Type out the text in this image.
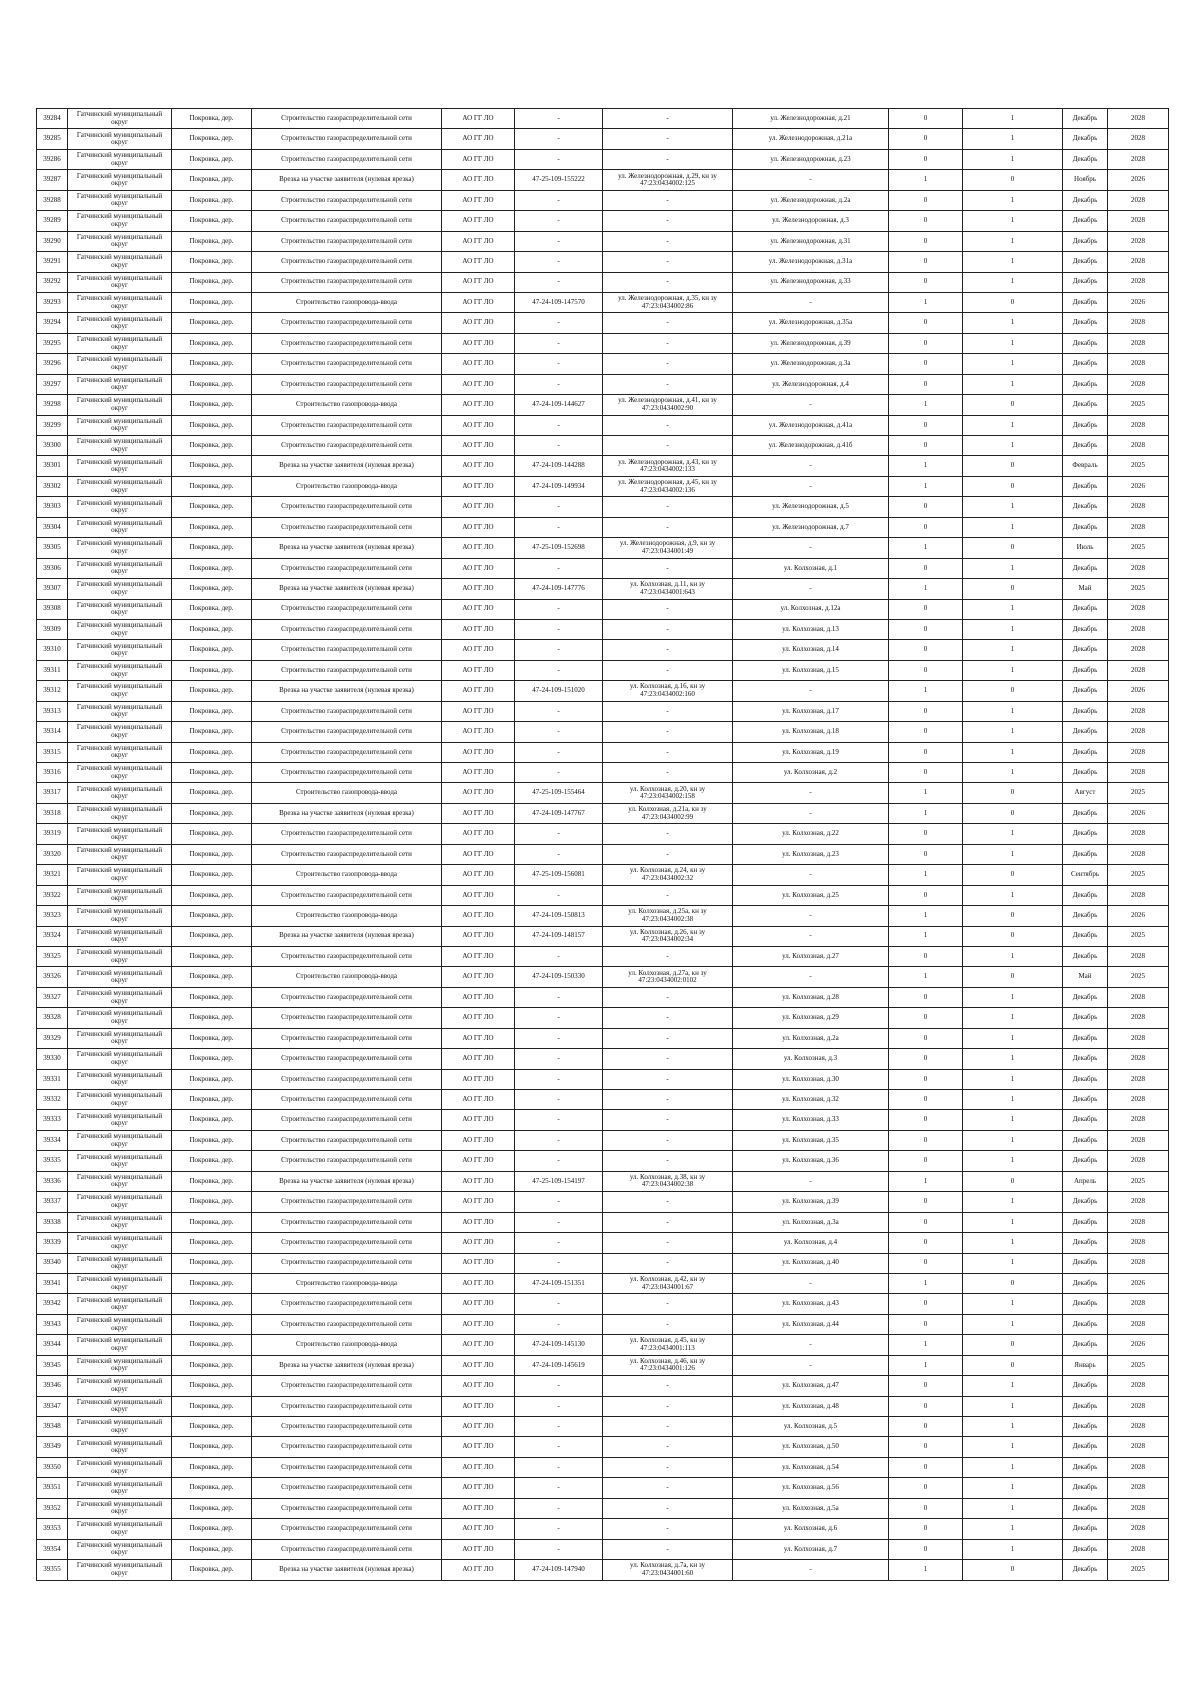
39284	Гатчинский муниципальный округ	Покровка, дер.	Строительство газораспределительной сети	АО ГГ ЛО	-	-	ул. Железнодорожная, д.21	0	1	Декабрь	2028
39285	Гатчинский муниципальный округ	Покровка, дер.	Строительство газораспределительной сети	АО ГГ ЛО	-	-	ул. Железнодорожная, д.21а	0	1	Декабрь	2028
39286	Гатчинский муниципальный округ	Покровка, дер.	Строительство газораспределительной сети	АО ГГ ЛО	-	-	ул. Железнодорожная, д.23	0	1	Декабрь	2028
39287	Гатчинский муниципальный округ	Покровка, дер.	Врезка на участке заявителя (нулевая врезка)	АО ГГ ЛО	47-25-109-155222	ул. Железнодорожная, д.29, кн зу 47:23:0434002:125	-	1	0	Ноябрь	2026
39288	Гатчинский муниципальный округ	Покровка, дер.	Строительство газораспределительной сети	АО ГГ ЛО	-	-	ул. Железнодорожная, д.2а	0	1	Декабрь	2028
39289	Гатчинский муниципальный округ	Покровка, дер.	Строительство газораспределительной сети	АО ГГ ЛО	-	-	ул. Железнодорожная, д.3	0	1	Декабрь	2028
39290	Гатчинский муниципальный округ	Покровка, дер.	Строительство газораспределительной сети	АО ГГ ЛО	-	-	ул. Железнодорожная, д.31	0	1	Декабрь	2028
39291	Гатчинский муниципальный округ	Покровка, дер.	Строительство газораспределительной сети	АО ГГ ЛО	-	-	ул. Железнодорожная, д.31а	0	1	Декабрь	2028
39292	Гатчинский муниципальный округ	Покровка, дер.	Строительство газораспределительной сети	АО ГГ ЛО	-	-	ул. Железнодорожная, д.33	0	1	Декабрь	2028
39293	Гатчинский муниципальный округ	Покровка, дер.	Строительство газопровода-ввода	АО ГГ ЛО	47-24-109-147570	ул. Железнодорожная, д.35, кн зу 47:23:0434002:86	-	1	0	Декабрь	2026
39294	Гатчинский муниципальный округ	Покровка, дер.	Строительство газораспределительной сети	АО ГГ ЛО	-	-	ул. Железнодорожная, д.35а	0	1	Декабрь	2028
39295	Гатчинский муниципальный округ	Покровка, дер.	Строительство газораспределительной сети	АО ГГ ЛО	-	-	ул. Железнодорожная, д.39	0	1	Декабрь	2028
39296	Гатчинский муниципальный округ	Покровка, дер.	Строительство газораспределительной сети	АО ГГ ЛО	-	-	ул. Железнодорожная, д.3а	0	1	Декабрь	2028
39297	Гатчинский муниципальный округ	Покровка, дер.	Строительство газораспределительной сети	АО ГГ ЛО	-	-	ул. Железнодорожная, д.4	0	1	Декабрь	2028
39298	Гатчинский муниципальный округ	Покровка, дер.	Строительство газопровода-ввода	АО ГГ ЛО	47-24-109-144627	ул. Железнодорожная, д.41, кн зу 47:23:0434002:90	-	1	0	Декабрь	2025
39299	Гатчинский муниципальный округ	Покровка, дер.	Строительство газораспределительной сети	АО ГГ ЛО	-	-	ул. Железнодорожная, д.41а	0	1	Декабрь	2028
39300	Гатчинский муниципальный округ	Покровка, дер.	Строительство газораспределительной сети	АО ГГ ЛО	-	-	ул. Железнодорожная, д.41б	0	1	Декабрь	2028
39301	Гатчинский муниципальный округ	Покровка, дер.	Врезка на участке заявителя (нулевая врезка)	АО ГГ ЛО	47-24-109-144288	ул. Железнодорожная, д.43, кн зу 47:23:0434002:133	-	1	0	Февраль	2025
39302	Гатчинский муниципальный округ	Покровка, дер.	Строительство газопровода-ввода	АО ГГ ЛО	47-24-109-149934	ул. Железнодорожная, д.45, кн зу 47:23:0434002:136	-	1	0	Декабрь	2026
39303	Гатчинский муниципальный округ	Покровка, дер.	Строительство газораспределительной сети	АО ГГ ЛО	-	-	ул. Железнодорожная, д.5	0	1	Декабрь	2028
39304	Гатчинский муниципальный округ	Покровка, дер.	Строительство газораспределительной сети	АО ГГ ЛО	-	-	ул. Железнодорожная, д.7	0	1	Декабрь	2028
39305	Гатчинский муниципальный округ	Покровка, дер.	Врезка на участке заявителя (нулевая врезка)	АО ГГ ЛО	47-25-109-152698	ул. Железнодорожная, д.9, кн зу 47:23:0434001:49	-	1	0	Июль	2025
39306	Гатчинский муниципальный округ	Покровка, дер.	Строительство газораспределительной сети	АО ГГ ЛО	-	-	ул. Колхозная, д.1	0	1	Декабрь	2028
39307	Гатчинский муниципальный округ	Покровка, дер.	Врезка на участке заявителя (нулевая врезка)	АО ГГ ЛО	47-24-109-147776	ул. Колхозная, д.11, кн зу 47:23:0434001:643	-	1	0	Май	2025
39308	Гатчинский муниципальный округ	Покровка, дер.	Строительство газораспределительной сети	АО ГГ ЛО	-	-	ул. Колхозная, д.12а	0	1	Декабрь	2028
39309	Гатчинский муниципальный округ	Покровка, дер.	Строительство газораспределительной сети	АО ГГ ЛО	-	-	ул. Колхозная, д.13	0	1	Декабрь	2028
39310	Гатчинский муниципальный округ	Покровка, дер.	Строительство газораспределительной сети	АО ГГ ЛО	-	-	ул. Колхозная, д.14	0	1	Декабрь	2028
39311	Гатчинский муниципальный округ	Покровка, дер.	Строительство газораспределительной сети	АО ГГ ЛО	-	-	ул. Колхозная, д.15	0	1	Декабрь	2028
39312	Гатчинский муниципальный округ	Покровка, дер.	Врезка на участке заявителя (нулевая врезка)	АО ГГ ЛО	47-24-109-151020	ул. Колхозная, д.16, кн зу 47:23:0434002:160	-	1	0	Декабрь	2026
39313	Гатчинский муниципальный округ	Покровка, дер.	Строительство газораспределительной сети	АО ГГ ЛО	-	-	ул. Колхозная, д.17	0	1	Декабрь	2028
39314	Гатчинский муниципальный округ	Покровка, дер.	Строительство газораспределительной сети	АО ГГ ЛО	-	-	ул. Колхозная, д.18	0	1	Декабрь	2028
39315	Гатчинский муниципальный округ	Покровка, дер.	Строительство газораспределительной сети	АО ГГ ЛО	-	-	ул. Колхозная, д.19	0	1	Декабрь	2028
39316	Гатчинский муниципальный округ	Покровка, дер.	Строительство газораспределительной сети	АО ГГ ЛО	-	-	ул. Колхозная, д.2	0	1	Декабрь	2028
39317	Гатчинский муниципальный округ	Покровка, дер.	Строительство газопровода-ввода	АО ГГ ЛО	47-25-109-155464	ул. Колхозная, д.20, кн зу 47:23:0434002:158	-	1	0	Август	2025
39318	Гатчинский муниципальный округ	Покровка, дер.	Врезка на участке заявителя (нулевая врезка)	АО ГГ ЛО	47-24-109-147767	ул. Колхозная, д.21а, кн зу 47:23:0434002:99	-	1	0	Декабрь	2026
39319	Гатчинский муниципальный округ	Покровка, дер.	Строительство газораспределительной сети	АО ГГ ЛО	-	-	ул. Колхозная, д.22	0	1	Декабрь	2028
39320	Гатчинский муниципальный округ	Покровка, дер.	Строительство газораспределительной сети	АО ГГ ЛО	-	-	ул. Колхозная, д.23	0	1	Декабрь	2028
39321	Гатчинский муниципальный округ	Покровка, дер.	Строительство газопровода-ввода	АО ГГ ЛО	47-25-109-156081	ул. Колхозная, д.24, кн зу 47:23:0434002:32	-	1	0	Сентябрь	2025
39322	Гатчинский муниципальный округ	Покровка, дер.	Строительство газораспределительной сети	АО ГГ ЛО	-	-	ул. Колхозная, д.25	0	1	Декабрь	2028
39323	Гатчинский муниципальный округ	Покровка, дер.	Строительство газопровода-ввода	АО ГГ ЛО	47-24-109-150813	ул. Колхозная, д.25а, кн зу 47:23:0434002:38	-	1	0	Декабрь	2026
39324	Гатчинский муниципальный округ	Покровка, дер.	Врезка на участке заявителя (нулевая врезка)	АО ГГ ЛО	47-24-109-148157	ул. Колхозная, д.26, кн зу 47:23:0434002:34	-	1	0	Декабрь	2025
39325	Гатчинский муниципальный округ	Покровка, дер.	Строительство газораспределительной сети	АО ГГ ЛО	-	-	ул. Колхозная, д.27	0	1	Декабрь	2028
39326	Гатчинский муниципальный округ	Покровка, дер.	Строительство газопровода-ввода	АО ГГ ЛО	47-24-109-150330	ул. Колхозная, д.27а, кн зу 47:23:0434002:0102	-	1	0	Май	2025
39327	Гатчинский муниципальный округ	Покровка, дер.	Строительство газораспределительной сети	АО ГГ ЛО	-	-	ул. Колхозная, д.28	0	1	Декабрь	2028
39328	Гатчинский муниципальный округ	Покровка, дер.	Строительство газораспределительной сети	АО ГГ ЛО	-	-	ул. Колхозная, д.29	0	1	Декабрь	2028
39329	Гатчинский муниципальный округ	Покровка, дер.	Строительство газораспределительной сети	АО ГГ ЛО	-	-	ул. Колхозная, д.2а	0	1	Декабрь	2028
39330	Гатчинский муниципальный округ	Покровка, дер.	Строительство газораспределительной сети	АО ГГ ЛО	-	-	ул. Колхозная, д.3	0	1	Декабрь	2028
39331	Гатчинский муниципальный округ	Покровка, дер.	Строительство газораспределительной сети	АО ГГ ЛО	-	-	ул. Колхозная, д.30	0	1	Декабрь	2028
39332	Гатчинский муниципальный округ	Покровка, дер.	Строительство газораспределительной сети	АО ГГ ЛО	-	-	ул. Колхозная, д.32	0	1	Декабрь	2028
39333	Гатчинский муниципальный округ	Покровка, дер.	Строительство газораспределительной сети	АО ГГ ЛО	-	-	ул. Колхозная, д.33	0	1	Декабрь	2028
39334	Гатчинский муниципальный округ	Покровка, дер.	Строительство газораспределительной сети	АО ГГ ЛО	-	-	ул. Колхозная, д.35	0	1	Декабрь	2028
39335	Гатчинский муниципальный округ	Покровка, дер.	Строительство газораспределительной сети	АО ГГ ЛО	-	-	ул. Колхозная, д.36	0	1	Декабрь	2028
39336	Гатчинский муниципальный округ	Покровка, дер.	Врезка на участке заявителя (нулевая врезка)	АО ГГ ЛО	47-25-109-154197	ул. Колхозная, д.38, кн зу 47:23:0434002:38	-	1	0	Апрель	2025
39337	Гатчинский муниципальный округ	Покровка, дер.	Строительство газораспределительной сети	АО ГГ ЛО	-	-	ул. Колхозная, д.39	0	1	Декабрь	2028
39338	Гатчинский муниципальный округ	Покровка, дер.	Строительство газораспределительной сети	АО ГГ ЛО	-	-	ул. Колхозная, д.3а	0	1	Декабрь	2028
39339	Гатчинский муниципальный округ	Покровка, дер.	Строительство газораспределительной сети	АО ГГ ЛО	-	-	ул. Колхозная, д.4	0	1	Декабрь	2028
39340	Гатчинский муниципальный округ	Покровка, дер.	Строительство газораспределительной сети	АО ГГ ЛО	-	-	ул. Колхозная, д.40	0	1	Декабрь	2028
39341	Гатчинский муниципальный округ	Покровка, дер.	Строительство газопровода-ввода	АО ГГ ЛО	47-24-109-151351	ул. Колхозная, д.42, кн зу 47:23:0434001:67	-	1	0	Декабрь	2026
39342	Гатчинский муниципальный округ	Покровка, дер.	Строительство газораспределительной сети	АО ГГ ЛО	-	-	ул. Колхозная, д.43	0	1	Декабрь	2028
39343	Гатчинский муниципальный округ	Покровка, дер.	Строительство газораспределительной сети	АО ГГ ЛО	-	-	ул. Колхозная, д.44	0	1	Декабрь	2028
39344	Гатчинский муниципальный округ	Покровка, дер.	Строительство газопровода-ввода	АО ГГ ЛО	47-24-109-145130	ул. Колхозная, д.45, кн зу 47:23:0434001:113	-	1	0	Декабрь	2026
39345	Гатчинский муниципальный округ	Покровка, дер.	Врезка на участке заявителя (нулевая врезка)	АО ГГ ЛО	47-24-109-145619	ул. Колхозная, д.46, кн зу 47:23:0434001:126	-	1	0	Январь	2025
39346	Гатчинский муниципальный округ	Покровка, дер.	Строительство газораспределительной сети	АО ГГ ЛО	-	-	ул. Колхозная, д.47	0	1	Декабрь	2028
39347	Гатчинский муниципальный округ	Покровка, дер.	Строительство газораспределительной сети	АО ГГ ЛО	-	-	ул. Колхозная, д.48	0	1	Декабрь	2028
39348	Гатчинский муниципальный округ	Покровка, дер.	Строительство газораспределительной сети	АО ГГ ЛО	-	-	ул. Колхозная, д.5	0	1	Декабрь	2028
39349	Гатчинский муниципальный округ	Покровка, дер.	Строительство газораспределительной сети	АО ГГ ЛО	-	-	ул. Колхозная, д.50	0	1	Декабрь	2028
39350	Гатчинский муниципальный округ	Покровка, дер.	Строительство газораспределительной сети	АО ГГ ЛО	-	-	ул. Колхозная, д.54	0	1	Декабрь	2028
39351	Гатчинский муниципальный округ	Покровка, дер.	Строительство газораспределительной сети	АО ГГ ЛО	-	-	ул. Колхозная, д.56	0	1	Декабрь	2028
39352	Гатчинский муниципальный округ	Покровка, дер.	Строительство газораспределительной сети	АО ГГ ЛО	-	-	ул. Колхозная, д.5а	0	1	Декабрь	2028
39353	Гатчинский муниципальный округ	Покровка, дер.	Строительство газораспределительной сети	АО ГГ ЛО	-	-	ул. Колхозная, д.6	0	1	Декабрь	2028
39354	Гатчинский муниципальный округ	Покровка, дер.	Строительство газораспределительной сети	АО ГГ ЛО	-	-	ул. Колхозная, д.7	0	1	Декабрь	2028
39355	Гатчинский муниципальный округ	Покровка, дер.	Врезка на участке заявителя (нулевая врезка)	АО ГГ ЛО	47-24-109-147940	ул. Колхозная, д.7а, кн зу 47:23:0434001:60	-	1	0	Декабрь	2025
